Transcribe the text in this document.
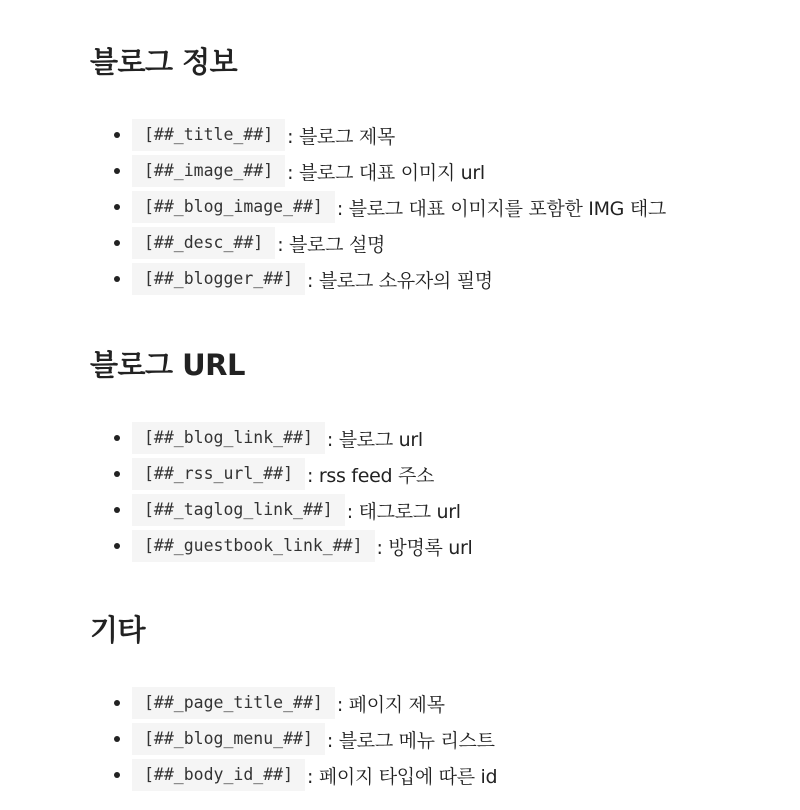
블로그 정보
[##_title_##] : 블로그 제목
[##_image_##] : 블로그 대표 이미지 url
[##_blog_image_##] : 블로그 대표 이미지를 포함한 IMG 태그
[##_desc_##] : 블로그 설명
[##_blogger_##] : 블로그 소유자의 필명
블로그 URL
[##_blog_link_##] : 블로그 url
[##_rss_url_##] : rss feed 주소
[##_taglog_link_##] : 태그로그 url
[##_guestbook_link_##] : 방명록 url
기타
[##_page_title_##] : 페이지 제목
[##_blog_menu_##] : 블로그 메뉴 리스트
[##_body_id_##] : 페이지 타입에 따른 id
